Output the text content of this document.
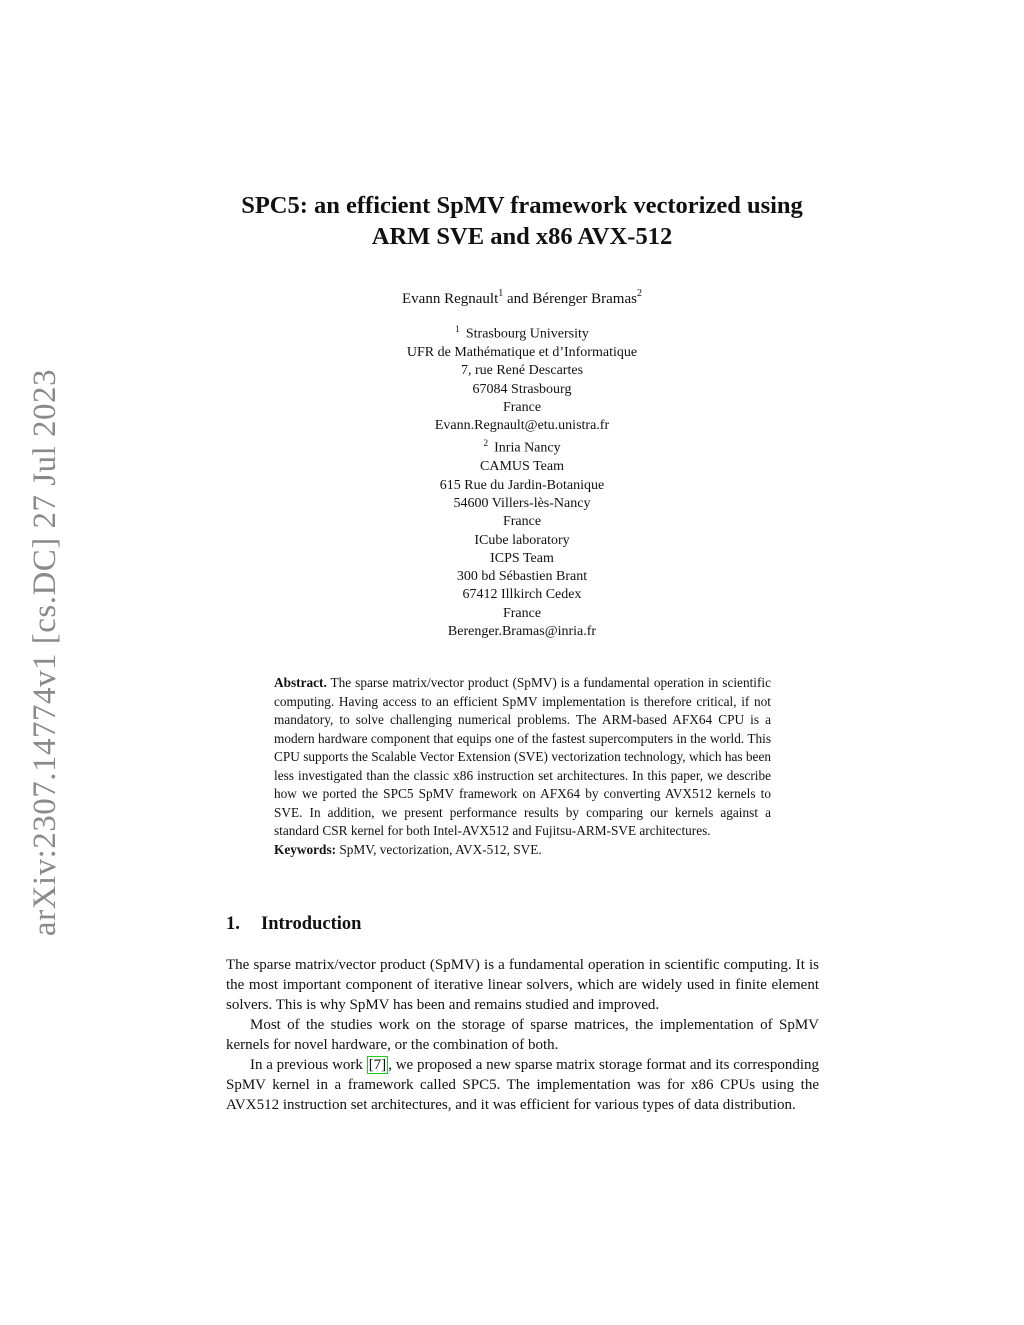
arXiv:2307.14774v1 [cs.DC] 27 Jul 2023
SPC5: an efficient SpMV framework vectorized using
ARM SVE and x86 AVX-512
Evann Regnault$^1$ and Bérenger Bramas$^2$
$^1$ Strasbourg University
UFR de Mathématique et d’Informatique
7, rue René Descartes
67084 Strasbourg
France
Evann.Regnault@etu.unistra.fr
$^2$ Inria Nancy
CAMUS Team
615 Rue du Jardin-Botanique
54600 Villers-lès-Nancy
France
ICube laboratory
ICPS Team
300 bd Sébastien Brant
67412 Illkirch Cedex
France
Berenger.Bramas@inria.fr

Abstract. The sparse matrix/vector product (SpMV) is a fundamental operation in scientific computing. Having access to an efficient SpMV implementation is therefore critical, if not mandatory, to solve challenging numerical problems. The ARM-based AFX64 CPU is a modern hardware component that equips one of the fastest supercomputers in the world. This CPU supports the Scalable Vector Extension (SVE) vectorization technology, which has been less investigated than the classic x86 instruction set architectures. In this paper, we describe how we ported the SPC5 SpMV framework on AFX64 by converting AVX512 kernels to SVE. In addition, we present performance results by comparing our kernels against a standard CSR kernel for both Intel-AVX512 and Fujitsu-ARM-SVE architectures.

Keywords: SpMV, vectorization, AVX-512, SVE.

1. Introduction

The sparse matrix/vector product (SpMV) is a fundamental operation in scientific computing. It is the most important component of iterative linear solvers, which are widely used in finite element solvers. This is why SpMV has been and remains studied and improved.

Most of the studies work on the storage of sparse matrices, the implementation of SpMV kernels for novel hardware, or the combination of both.

In a previous work [7] , we proposed a new sparse matrix storage format and its corresponding SpMV kernel in a framework called SPC5. The implementation was for x86 CPUs using the AVX512 instruction set architectures, and it was efficient for various types of data distribution.
